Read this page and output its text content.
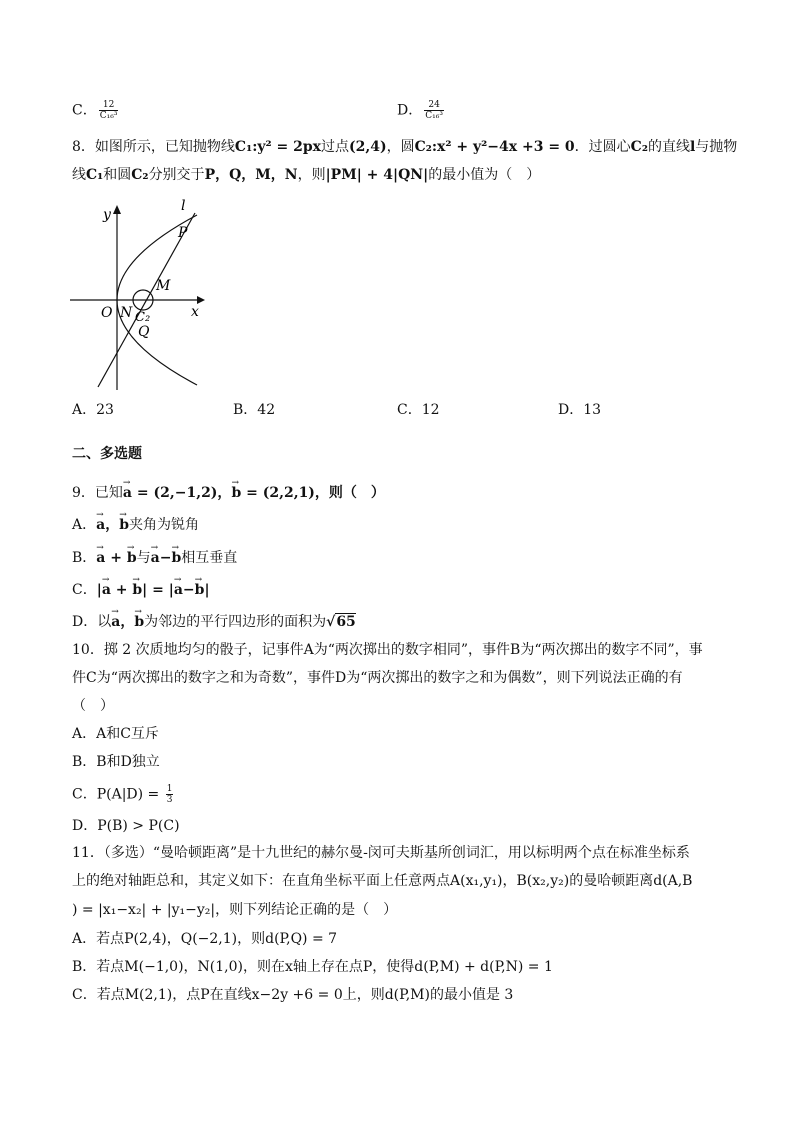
C． $\frac{12}{\text{C₁₆³}}$	D． $\frac{24}{\text{C₁₆³}}$
8．如图所示，已知抛物线C₁:y² = 2px过点(2,4)，圆C₂:x² + y²−4x +3 = 0．过圆心C₂的直线l与抛物
线C₁和圆C₂分别交于P，Q，M，N，则|PM| + 4|QN|的最小值为（　）
y
x
l
P
M
O N C₂
Q
A．23	B．42	C．12	D．13
二、多选题
9．已知→ a = (2,−1,2)，→ b = (2,2,1)，则（　）
A．→ a，→ b夹角为锐角
B．→ a + → b与→ a−→ b相互垂直
C．|→ a + → b| = |→ a−→ b|
D．以→ a，→ b为邻边的平行四边形的面积为√65
10．掷 2 次质地均匀的骰子，记事件A为“两次掷出的数字相同”，事件B为“两次掷出的数字不同”，事
件C为“两次掷出的数字之和为奇数”，事件D为“两次掷出的数字之和为偶数”，则下列说法正确的有
（　）
A．A和C互斥
B．B和D独立
C．$P(A|D) = \frac{1}{3}$
D．P(B) > P(C)
11．（多选）“曼哈顿距离”是十九世纪的赫尔曼-闵可夫斯基所创词汇，用以标明两个点在标准坐标系
上的绝对轴距总和，其定义如下：在直角坐标平面上任意两点A(x₁,y₁)，B(x₂,y₂)的曼哈顿距离d(A,B
) = |x₁−x₂| + |y₁−y₂|，则下列结论正确的是（　）
A．若点P(2,4)，Q(−2,1)，则d(P,Q) = 7
B．若点M(−1,0)，N(1,0)，则在x轴上存在点P，使得d(P,M) + d(P,N) = 1
C．若点M(2,1)，点P在直线x−2y +6 = 0上，则d(P,M)的最小值是 3
